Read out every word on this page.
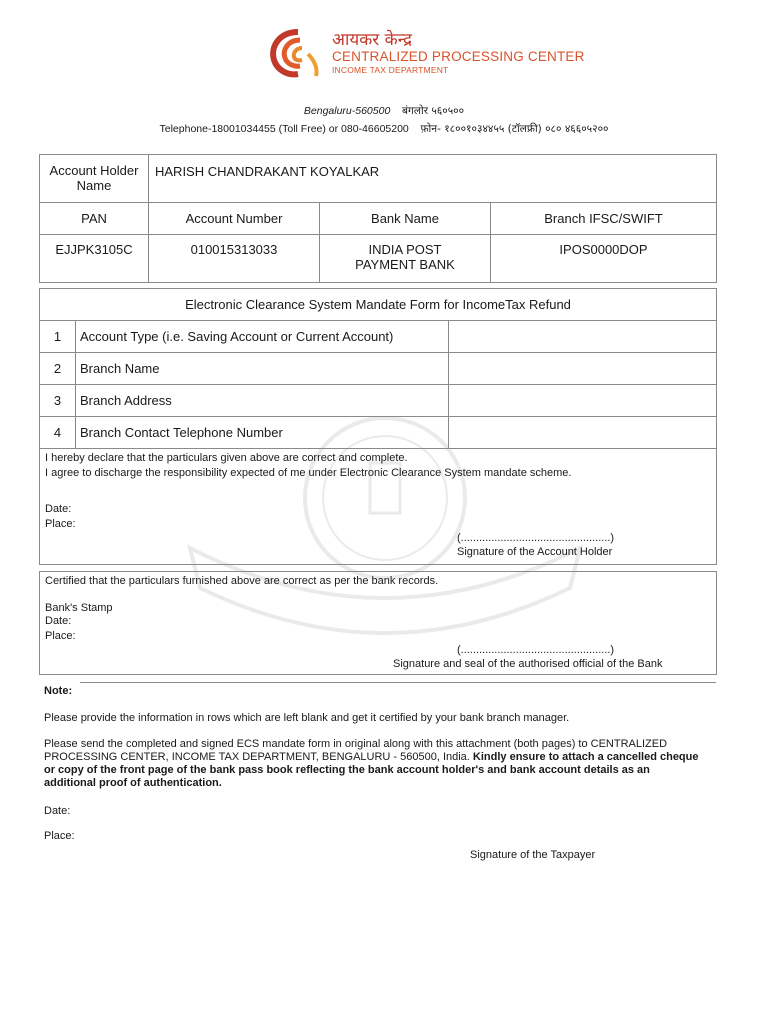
आयकर केन्द्र
CENTRALIZED PROCESSING CENTER
INCOME TAX DEPARTMENT
Bengaluru-560500 बंगलोर ५६०५००
Telephone-18001034455 (Toll Free) or 080-46605200 फ़ोन- १८००१०३४४५५ (टॉलफ्री) ०८० ४६६०५२००
Account Holder Name	HARISH CHANDRAKANT KOYALKAR		
PAN	Account Number	Bank Name	Branch IFSC/SWIFT
EJJPK3105C	010015313033	INDIA POST PAYMENT BANK	IPOS0000DOP
Electronic Clearance System Mandate Form for IncomeTax Refund		
1	Account Type (i.e. Saving Account or Current Account)	
2	Branch Name	
3	Branch Address	
4	Branch Contact Telephone Number	
I hereby declare that the particulars given above are correct and complete.
I agree to discharge the responsibility expected of me under Electronic Clearance System mandate scheme.
Date:
Place:
(.................................................)
Signature of the Account Holder
Certified that the particulars furnished above are correct as per the bank records.
Bank's Stamp
Date:
Place:
(.................................................)
Signature and seal of the authorised official of the Bank
Note:
Please provide the information in rows which are left blank and get it certified by your bank branch manager.
Please send the completed and signed ECS mandate form in original along with this attachment (both pages) to CENTRALIZED PROCESSING CENTER, INCOME TAX DEPARTMENT, BENGALURU - 560500, India. Kindly ensure to attach a cancelled cheque or copy of the front page of the bank pass book reflecting the bank account holder's and bank account details as an additional proof of authentication.
Date:
Place:
Signature of the Taxpayer
